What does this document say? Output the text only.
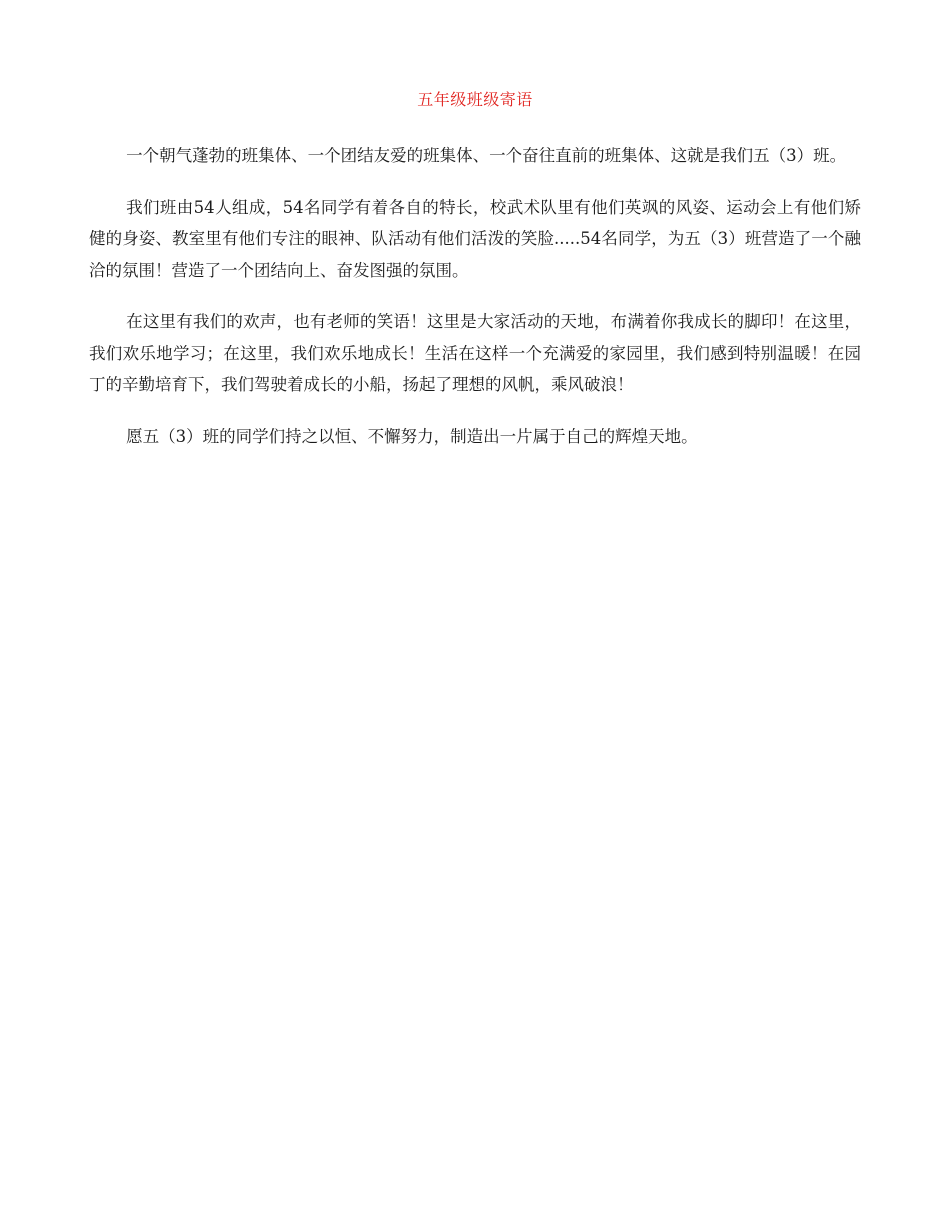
五年级班级寄语

一个朝气蓬勃的班集体、一个团结友爱的班集体、一个奋往直前的班集体、这就是我们五（3）班。

我们班由54人组成，54名同学有着各自的特长，校武术队里有他们英飒的风姿、运动会上有他们矫健的身姿、教室里有他们专注的眼神、队活动有他们活泼的笑脸.....54名同学，为五（3）班营造了一个融洽的氛围！营造了一个团结向上、奋发图强的氛围。

在这里有我们的欢声，也有老师的笑语！这里是大家活动的天地，布满着你我成长的脚印！在这里，我们欢乐地学习；在这里，我们欢乐地成长！生活在这样一个充满爱的家园里，我们感到特别温暖！在园丁的辛勤培育下，我们驾驶着成长的小船，扬起了理想的风帆，乘风破浪！

愿五（3）班的同学们持之以恒、不懈努力，制造出一片属于自己的辉煌天地。
